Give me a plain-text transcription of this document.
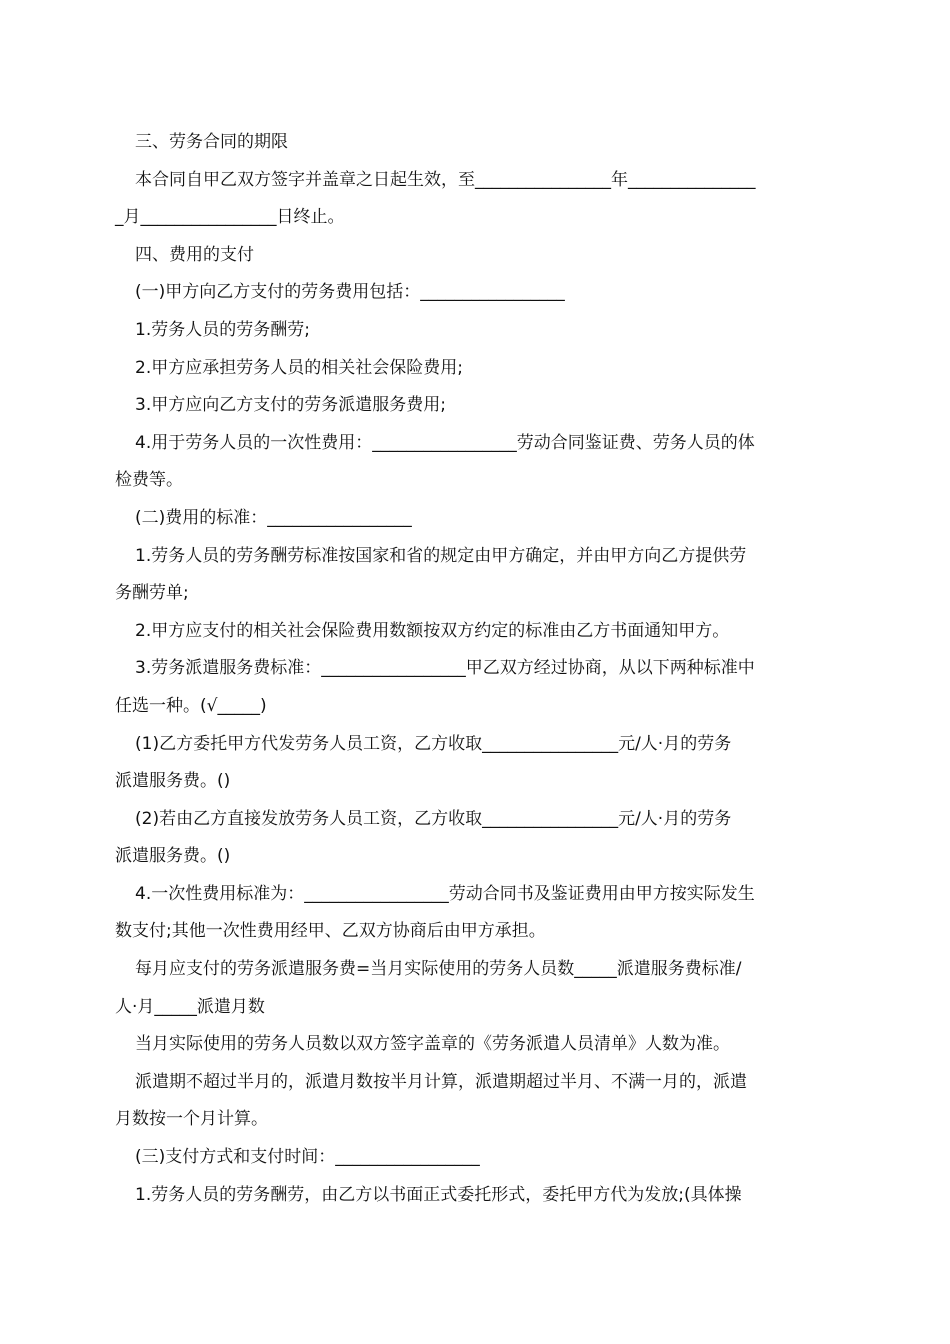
三、劳务合同的期限

本合同自甲乙双方签字并盖章之日起生效，至________________年_______________

_月________________日终止。

四、费用的支付

(一)甲方向乙方支付的劳务费用包括：_________________

1.劳务人员的劳务酬劳;

2.甲方应承担劳务人员的相关社会保险费用;

3.甲方应向乙方支付的劳务派遣服务费用;

4.用于劳务人员的一次性费用：_________________劳动合同鉴证费、劳务人员的体

检费等。

(二)费用的标准：_________________

1.劳务人员的劳务酬劳标准按国家和省的规定由甲方确定，并由甲方向乙方提供劳

务酬劳单;

2.甲方应支付的相关社会保险费用数额按双方约定的标准由乙方书面通知甲方。

3.劳务派遣服务费标准：_________________甲乙双方经过协商，从以下两种标准中

任选一种。(√_____)

(1)乙方委托甲方代发劳务人员工资，乙方收取________________元/人·月的劳务

派遣服务费。()

(2)若由乙方直接发放劳务人员工资，乙方收取________________元/人·月的劳务

派遣服务费。()

4.一次性费用标准为：_________________劳动合同书及鉴证费用由甲方按实际发生

数支付;其他一次性费用经甲、乙双方协商后由甲方承担。

每月应支付的劳务派遣服务费=当月实际使用的劳务人员数_____派遣服务费标准/

人·月_____派遣月数

当月实际使用的劳务人员数以双方签字盖章的《劳务派遣人员清单》人数为准。

派遣期不超过半月的，派遣月数按半月计算，派遣期超过半月、不满一月的，派遣

月数按一个月计算。

(三)支付方式和支付时间：_________________

1.劳务人员的劳务酬劳，由乙方以书面正式委托形式，委托甲方代为发放;(具体操
